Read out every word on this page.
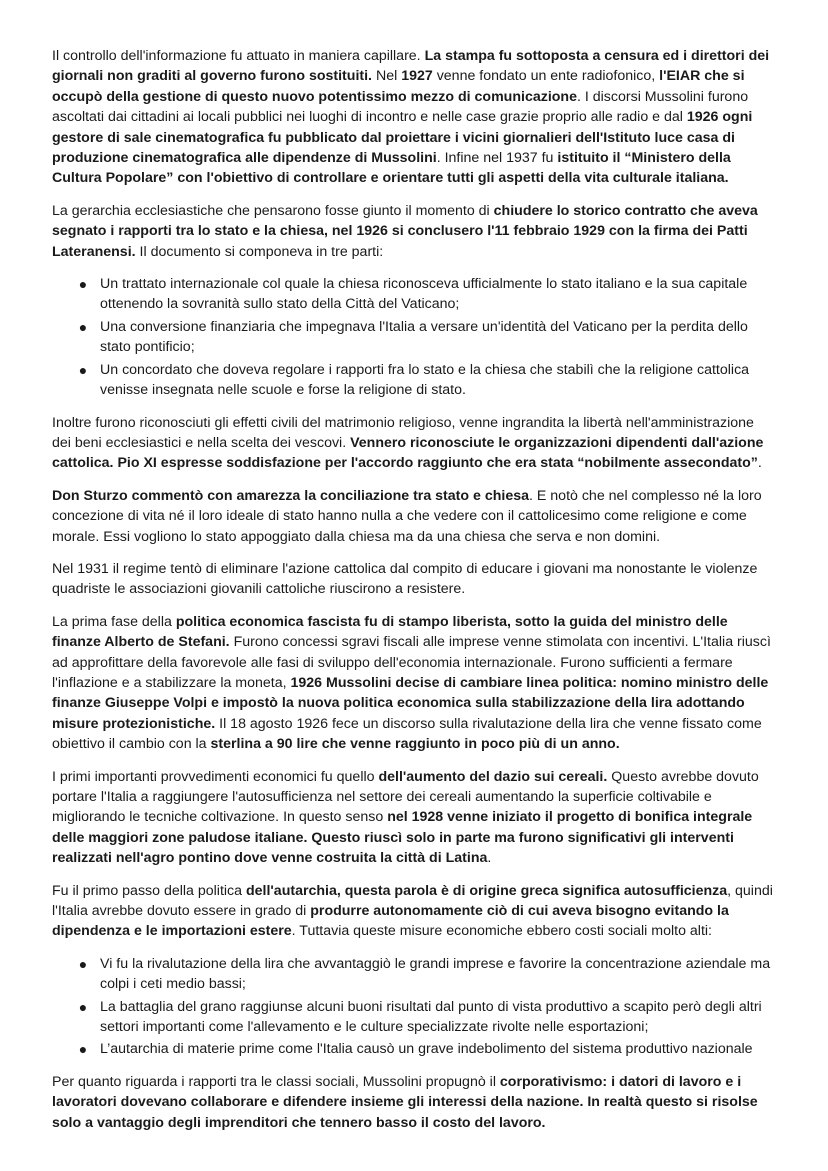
Il controllo dell'informazione fu attuato in maniera capillare. La stampa fu sottoposta a censura ed i direttori dei giornali non graditi al governo furono sostituiti. Nel 1927 venne fondato un ente radiofonico, l'EIAR che si occupò della gestione di questo nuovo potentissimo mezzo di comunicazione. I discorsi Mussolini furono ascoltati dai cittadini ai locali pubblici nei luoghi di incontro e nelle case grazie proprio alle radio e dal 1926 ogni gestore di sale cinematografica fu pubblicato dal proiettare i vicini giornalieri dell'Istituto luce casa di produzione cinematografica alle dipendenze di Mussolini. Infine nel 1937 fu istituito il “Ministero della Cultura Popolare” con l'obiettivo di controllare e orientare tutti gli aspetti della vita culturale italiana.

La gerarchia ecclesiastiche che pensarono fosse giunto il momento di chiudere lo storico contratto che aveva segnato i rapporti tra lo stato e la chiesa, nel 1926 si conclusero l'11 febbraio 1929 con la firma dei Patti Lateranensi. Il documento si componeva in tre parti:

● Un trattato internazionale col quale la chiesa riconosceva ufficialmente lo stato italiano e la sua capitale ottenendo la sovranità sullo stato della Città del Vaticano;
● Una conversione finanziaria che impegnava l'Italia a versare un'identità del Vaticano per la perdita dello stato pontificio;
● Un concordato che doveva regolare i rapporti fra lo stato e la chiesa che stabilì che la religione cattolica venisse insegnata nelle scuole e forse la religione di stato.

Inoltre furono riconosciuti gli effetti civili del matrimonio religioso, venne ingrandita la libertà nell'amministrazione dei beni ecclesiastici e nella scelta dei vescovi. Vennero riconosciute le organizzazioni dipendenti dall'azione cattolica. Pio XI espresse soddisfazione per l'accordo raggiunto che era stata “nobilmente assecondato”.

Don Sturzo commentò con amarezza la conciliazione tra stato e chiesa. E notò che nel complesso né la loro concezione di vita né il loro ideale di stato hanno nulla a che vedere con il cattolicesimo come religione e come morale. Essi vogliono lo stato appoggiato dalla chiesa ma da una chiesa che serva e non domini.

Nel 1931 il regime tentò di eliminare l'azione cattolica dal compito di educare i giovani ma nonostante le violenze quadriste le associazioni giovanili cattoliche riuscirono a resistere.

La prima fase della politica economica fascista fu di stampo liberista, sotto la guida del ministro delle finanze Alberto de Stefani. Furono concessi sgravi fiscali alle imprese venne stimolata con incentivi. L'Italia riuscì ad approfittare della favorevole alle fasi di sviluppo dell'economia internazionale. Furono sufficienti a fermare l'inflazione e a stabilizzare la moneta, 1926 Mussolini decise di cambiare linea politica: nomino ministro delle finanze Giuseppe Volpi e impostò la nuova politica economica sulla stabilizzazione della lira adottando misure protezionistiche. Il 18 agosto 1926 fece un discorso sulla rivalutazione della lira che venne fissato come obiettivo il cambio con la sterlina a 90 lire che venne raggiunto in poco più di un anno.

I primi importanti provvedimenti economici fu quello dell'aumento del dazio sui cereali. Questo avrebbe dovuto portare l'Italia a raggiungere l'autosufficienza nel settore dei cereali aumentando la superficie coltivabile e migliorando le tecniche coltivazione. In questo senso nel 1928 venne iniziato il progetto di bonifica integrale delle maggiori zone paludose italiane. Questo riuscì solo in parte ma furono significativi gli interventi realizzati nell'agro pontino dove venne costruita la città di Latina.

Fu il primo passo della politica dell'autarchia, questa parola è di origine greca significa autosufficienza, quindi l'Italia avrebbe dovuto essere in grado di produrre autonomamente ciò di cui aveva bisogno evitando la dipendenza e le importazioni estere. Tuttavia queste misure economiche ebbero costi sociali molto alti:

● Vi fu la rivalutazione della lira che avvantaggiò le grandi imprese e favorire la concentrazione aziendale ma colpi i ceti medio bassi;
● La battaglia del grano raggiunse alcuni buoni risultati dal punto di vista produttivo a scapito però degli altri settori importanti come l'allevamento e le culture specializzate rivolte nelle esportazioni;
● L’autarchia di materie prime come l'Italia causò un grave indebolimento del sistema produttivo nazionale

Per quanto riguarda i rapporti tra le classi sociali, Mussolini propugnò il corporativismo: i datori di lavoro e i lavoratori dovevano collaborare e difendere insieme gli interessi della nazione. In realtà questo si risolse solo a vantaggio degli imprenditori che tennero basso il costo del lavoro.
